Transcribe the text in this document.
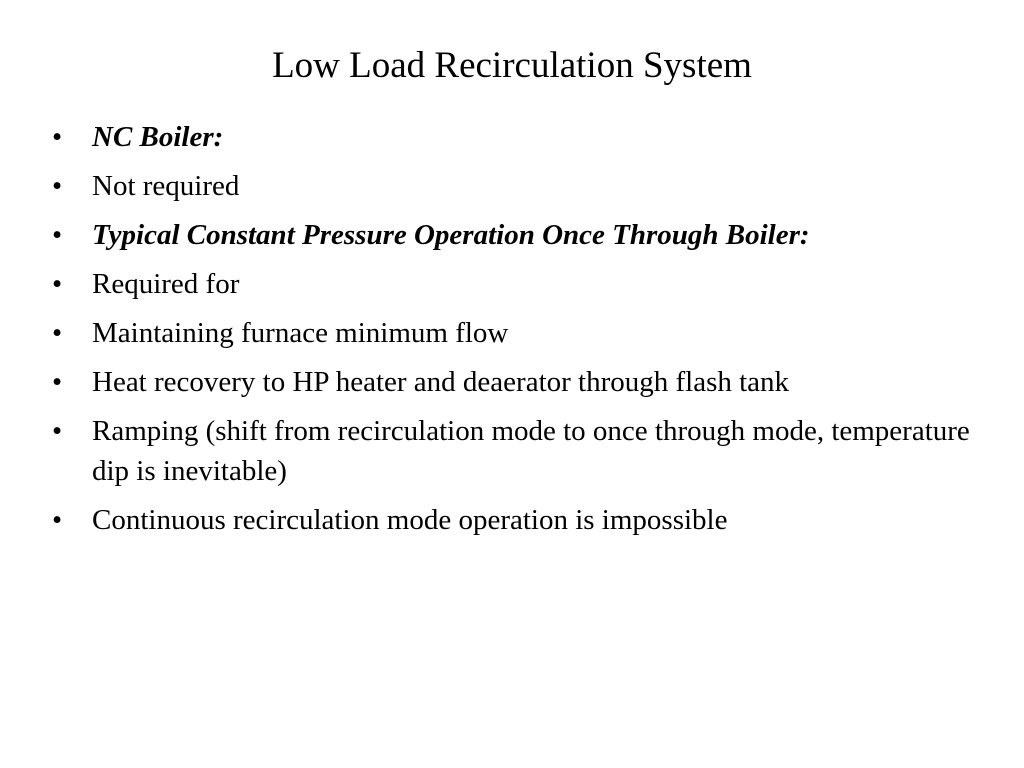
Low Load Recirculation System
•	NC Boiler:
•	Not required
•	Typical Constant Pressure Operation Once Through Boiler:
•	Required for
•	Maintaining furnace minimum flow
•	Heat recovery to HP heater and deaerator through flash tank
•	Ramping (shift from recirculation mode to once through mode, temperature dip is inevitable)
•	Continuous recirculation mode operation is impossible
